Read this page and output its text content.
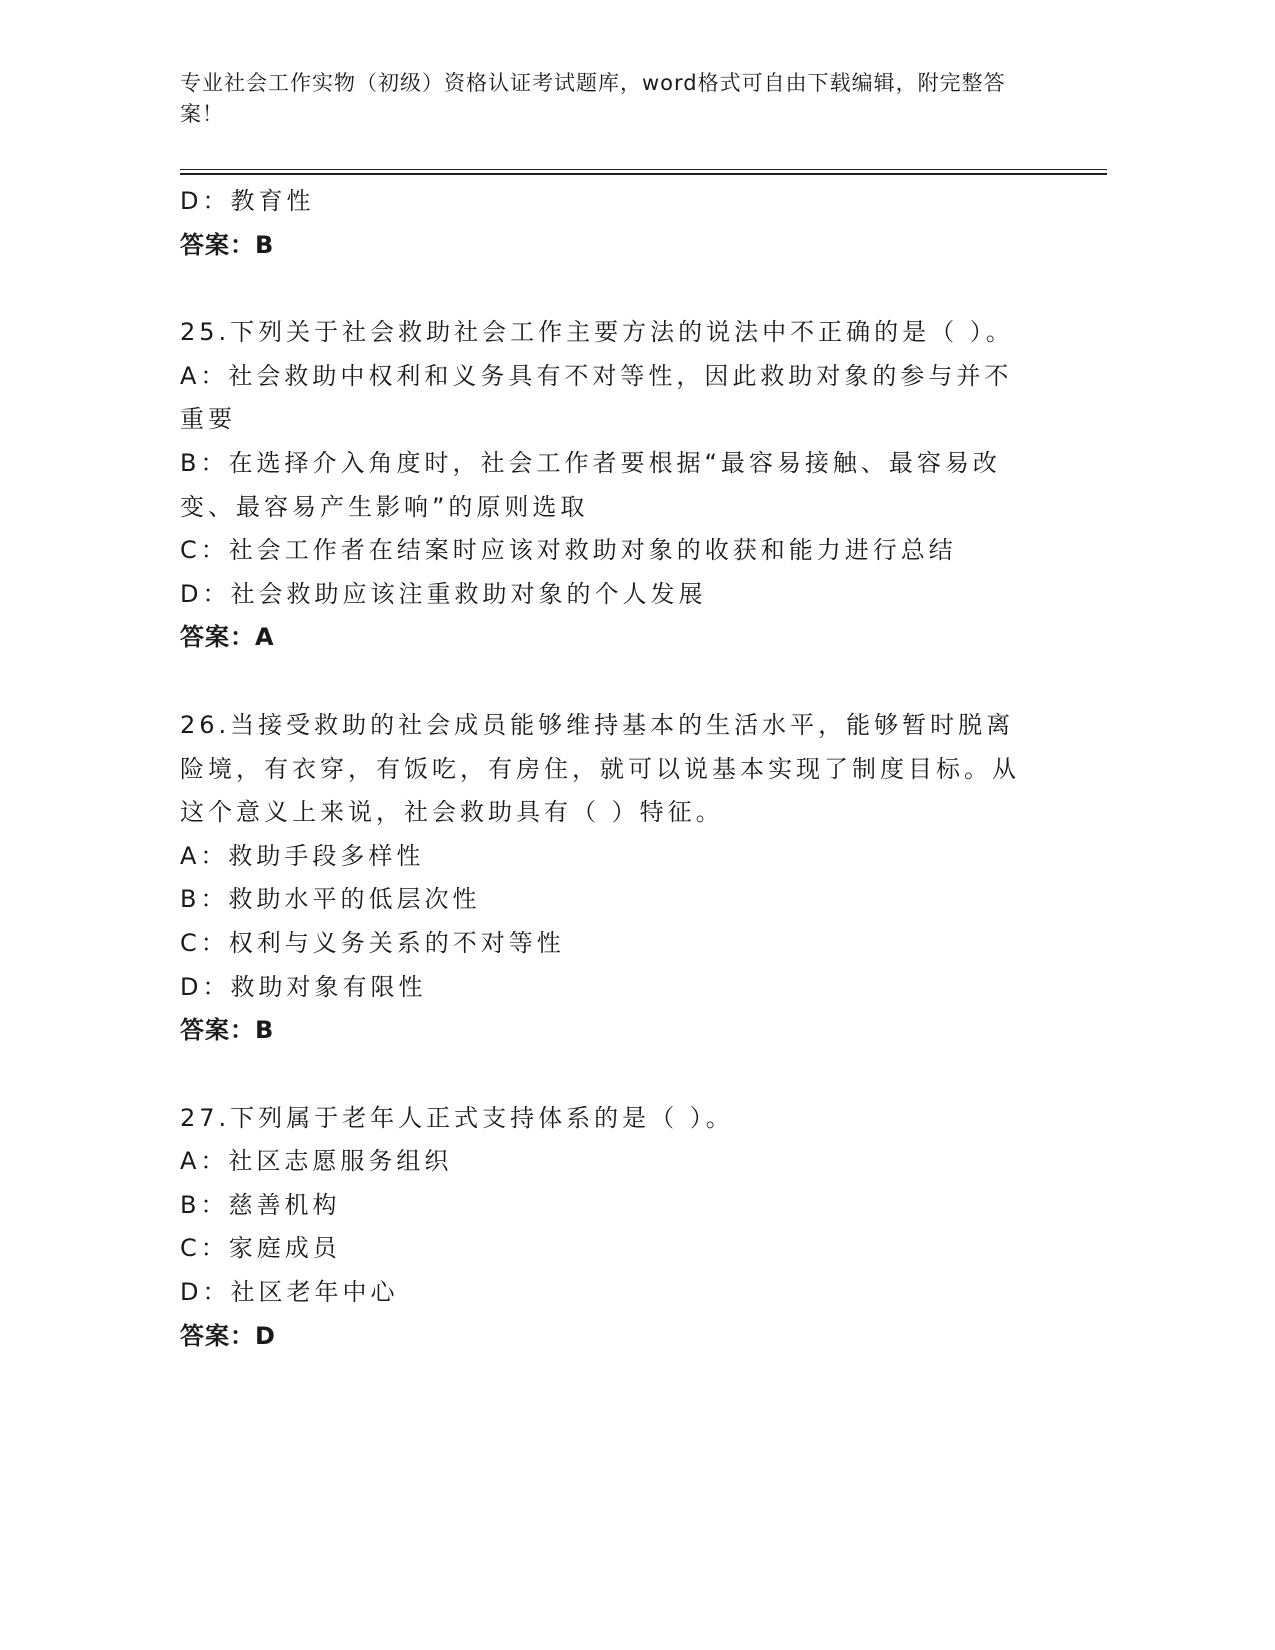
专业社会工作实物（初级）资格认证考试题库，word格式可自由下载编辑，附完整答案！

D：教育性

答案：B

25.下列关于社会救助社会工作主要方法的说法中不正确的是（ ）。

A：社会救助中权利和义务具有不对等性，因此救助对象的参与并不重要

B：在选择介入角度时，社会工作者要根据“最容易接触、最容易改变、最容易产生影响”的原则选取

C：社会工作者在结案时应该对救助对象的收获和能力进行总结

D：社会救助应该注重救助对象的个人发展

答案：A

26.当接受救助的社会成员能够维持基本的生活水平，能够暂时脱离险境，有衣穿，有饭吃，有房住，就可以说基本实现了制度目标。从这个意义上来说，社会救助具有（ ）特征。

A：救助手段多样性

B：救助水平的低层次性

C：权利与义务关系的不对等性

D：救助对象有限性

答案：B

27.下列属于老年人正式支持体系的是（ ）。

A：社区志愿服务组织

B：慈善机构

C：家庭成员

D：社区老年中心

答案：D
